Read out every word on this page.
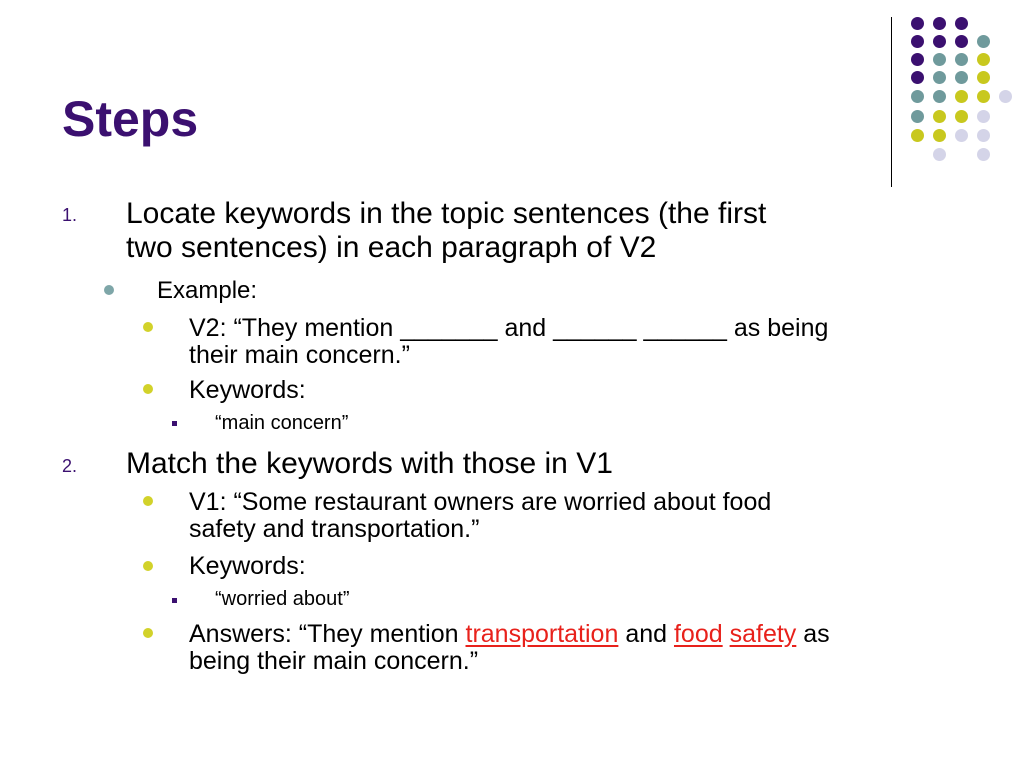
Steps
1. Locate keywords in the topic sentences (the first
two sentences) in each paragraph of V2
Example:
V2: “They mention _______ and ______ ______ as being
their main concern.”
Keywords:
“main concern”
2. Match the keywords with those in V1
V1: “Some restaurant owners are worried about food
safety and transportation.”
Keywords:
“worried about”
Answers: “They mention transportation and food safety as
being their main concern.”
